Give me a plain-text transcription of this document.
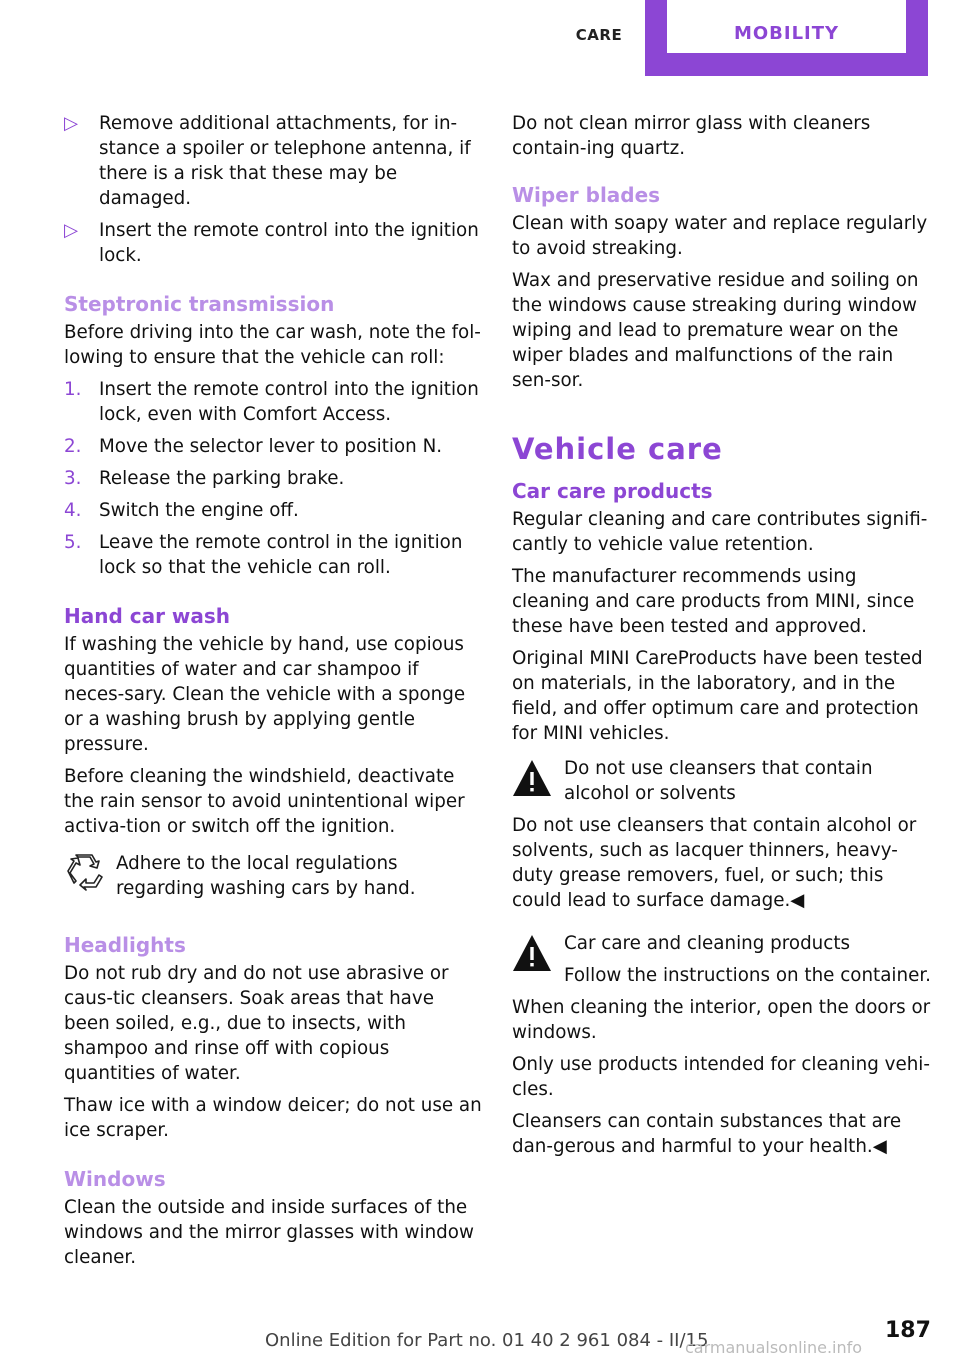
CARE	MOBILITY
▷ Remove additional attachments, for in-stance a spoiler or telephone antenna, if there is a risk that these may be damaged.
▷ Insert the remote control into the ignition lock.
Steptronic transmission

Before driving into the car wash, note the fol-lowing to ensure that the vehicle can roll:

1. Insert the remote control into the ignition lock, even with Comfort Access.
2. Move the selector lever to position N.
3. Release the parking brake.
4. Switch the engine off.
5. Leave the remote control in the ignition lock so that the vehicle can roll.
Hand car wash

If washing the vehicle by hand, use copious quantities of water and car shampoo if neces-sary. Clean the vehicle with a sponge or a washing brush by applying gentle pressure.

Before cleaning the windshield, deactivate the rain sensor to avoid unintentional wiper activa-tion or switch off the ignition.

Adhere to the local regulations regarding washing cars by hand.
Headlights

Do not rub dry and do not use abrasive or caus-tic cleansers. Soak areas that have been soiled, e.g., due to insects, with shampoo and rinse off with copious quantities of water.

Thaw ice with a window deicer; do not use an ice scraper.

Windows

Clean the outside and inside surfaces of the windows and the mirror glasses with window cleaner.

Do not clean mirror glass with cleaners contain-ing quartz.

Wiper blades

Clean with soapy water and replace regularly to avoid streaking.

Wax and preservative residue and soiling on the windows cause streaking during window wiping and lead to premature wear on the wiper blades and malfunctions of the rain sen-sor.

Vehicle care
Car care products

Regular cleaning and care contributes signifi-cantly to vehicle value retention.

The manufacturer recommends using cleaning and care products from MINI, since these have been tested and approved.

Original MINI CareProducts have been tested on materials, in the laboratory, and in the field, and offer optimum care and protection for MINI vehicles.

Do not use cleansers that contain alcohol or solvents

Do not use cleansers that contain alcohol or solvents, such as lacquer thinners, heavy-duty grease removers, fuel, or such; this could lead to surface damage.◀

Car care and cleaning products
Follow the instructions on the container.

When cleaning the interior, open the doors or windows.

Only use products intended for cleaning vehi-cles.

Cleansers can contain substances that are dan-gerous and harmful to your health.◀

Online Edition for Part no. 01 40 2 961 084 - II/15	187
carmanualsonline.info
